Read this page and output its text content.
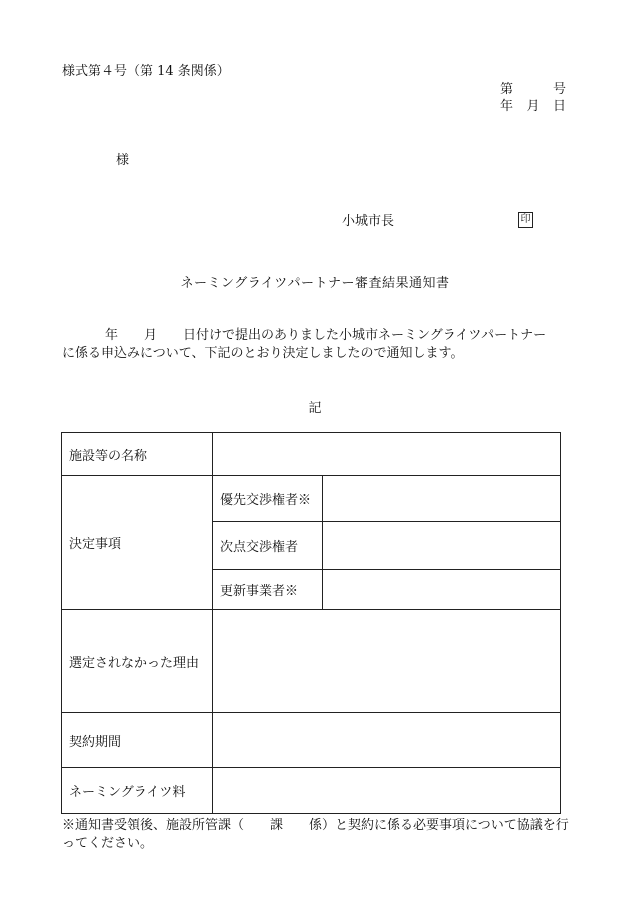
様式第４号（第 14 条関係）
第	号
年 月 日
様
小城市長	印
ネーミングライツパートナー審査結果通知書
年 月 日付けで提出のありました小城市ネーミングライツパートナー
に係る申込みについて、下記のとおり決定しましたので通知します。
記
施設等の名称		
決定事項	優先交渉権者※	
	次点交渉権者	
	更新事業者※	
選定されなかった理由		
契約期間		
ネーミングライツ料		
※通知書受領後、施設所管課（　　課　　係）と契約に係る必要事項について協議を行ってください。
